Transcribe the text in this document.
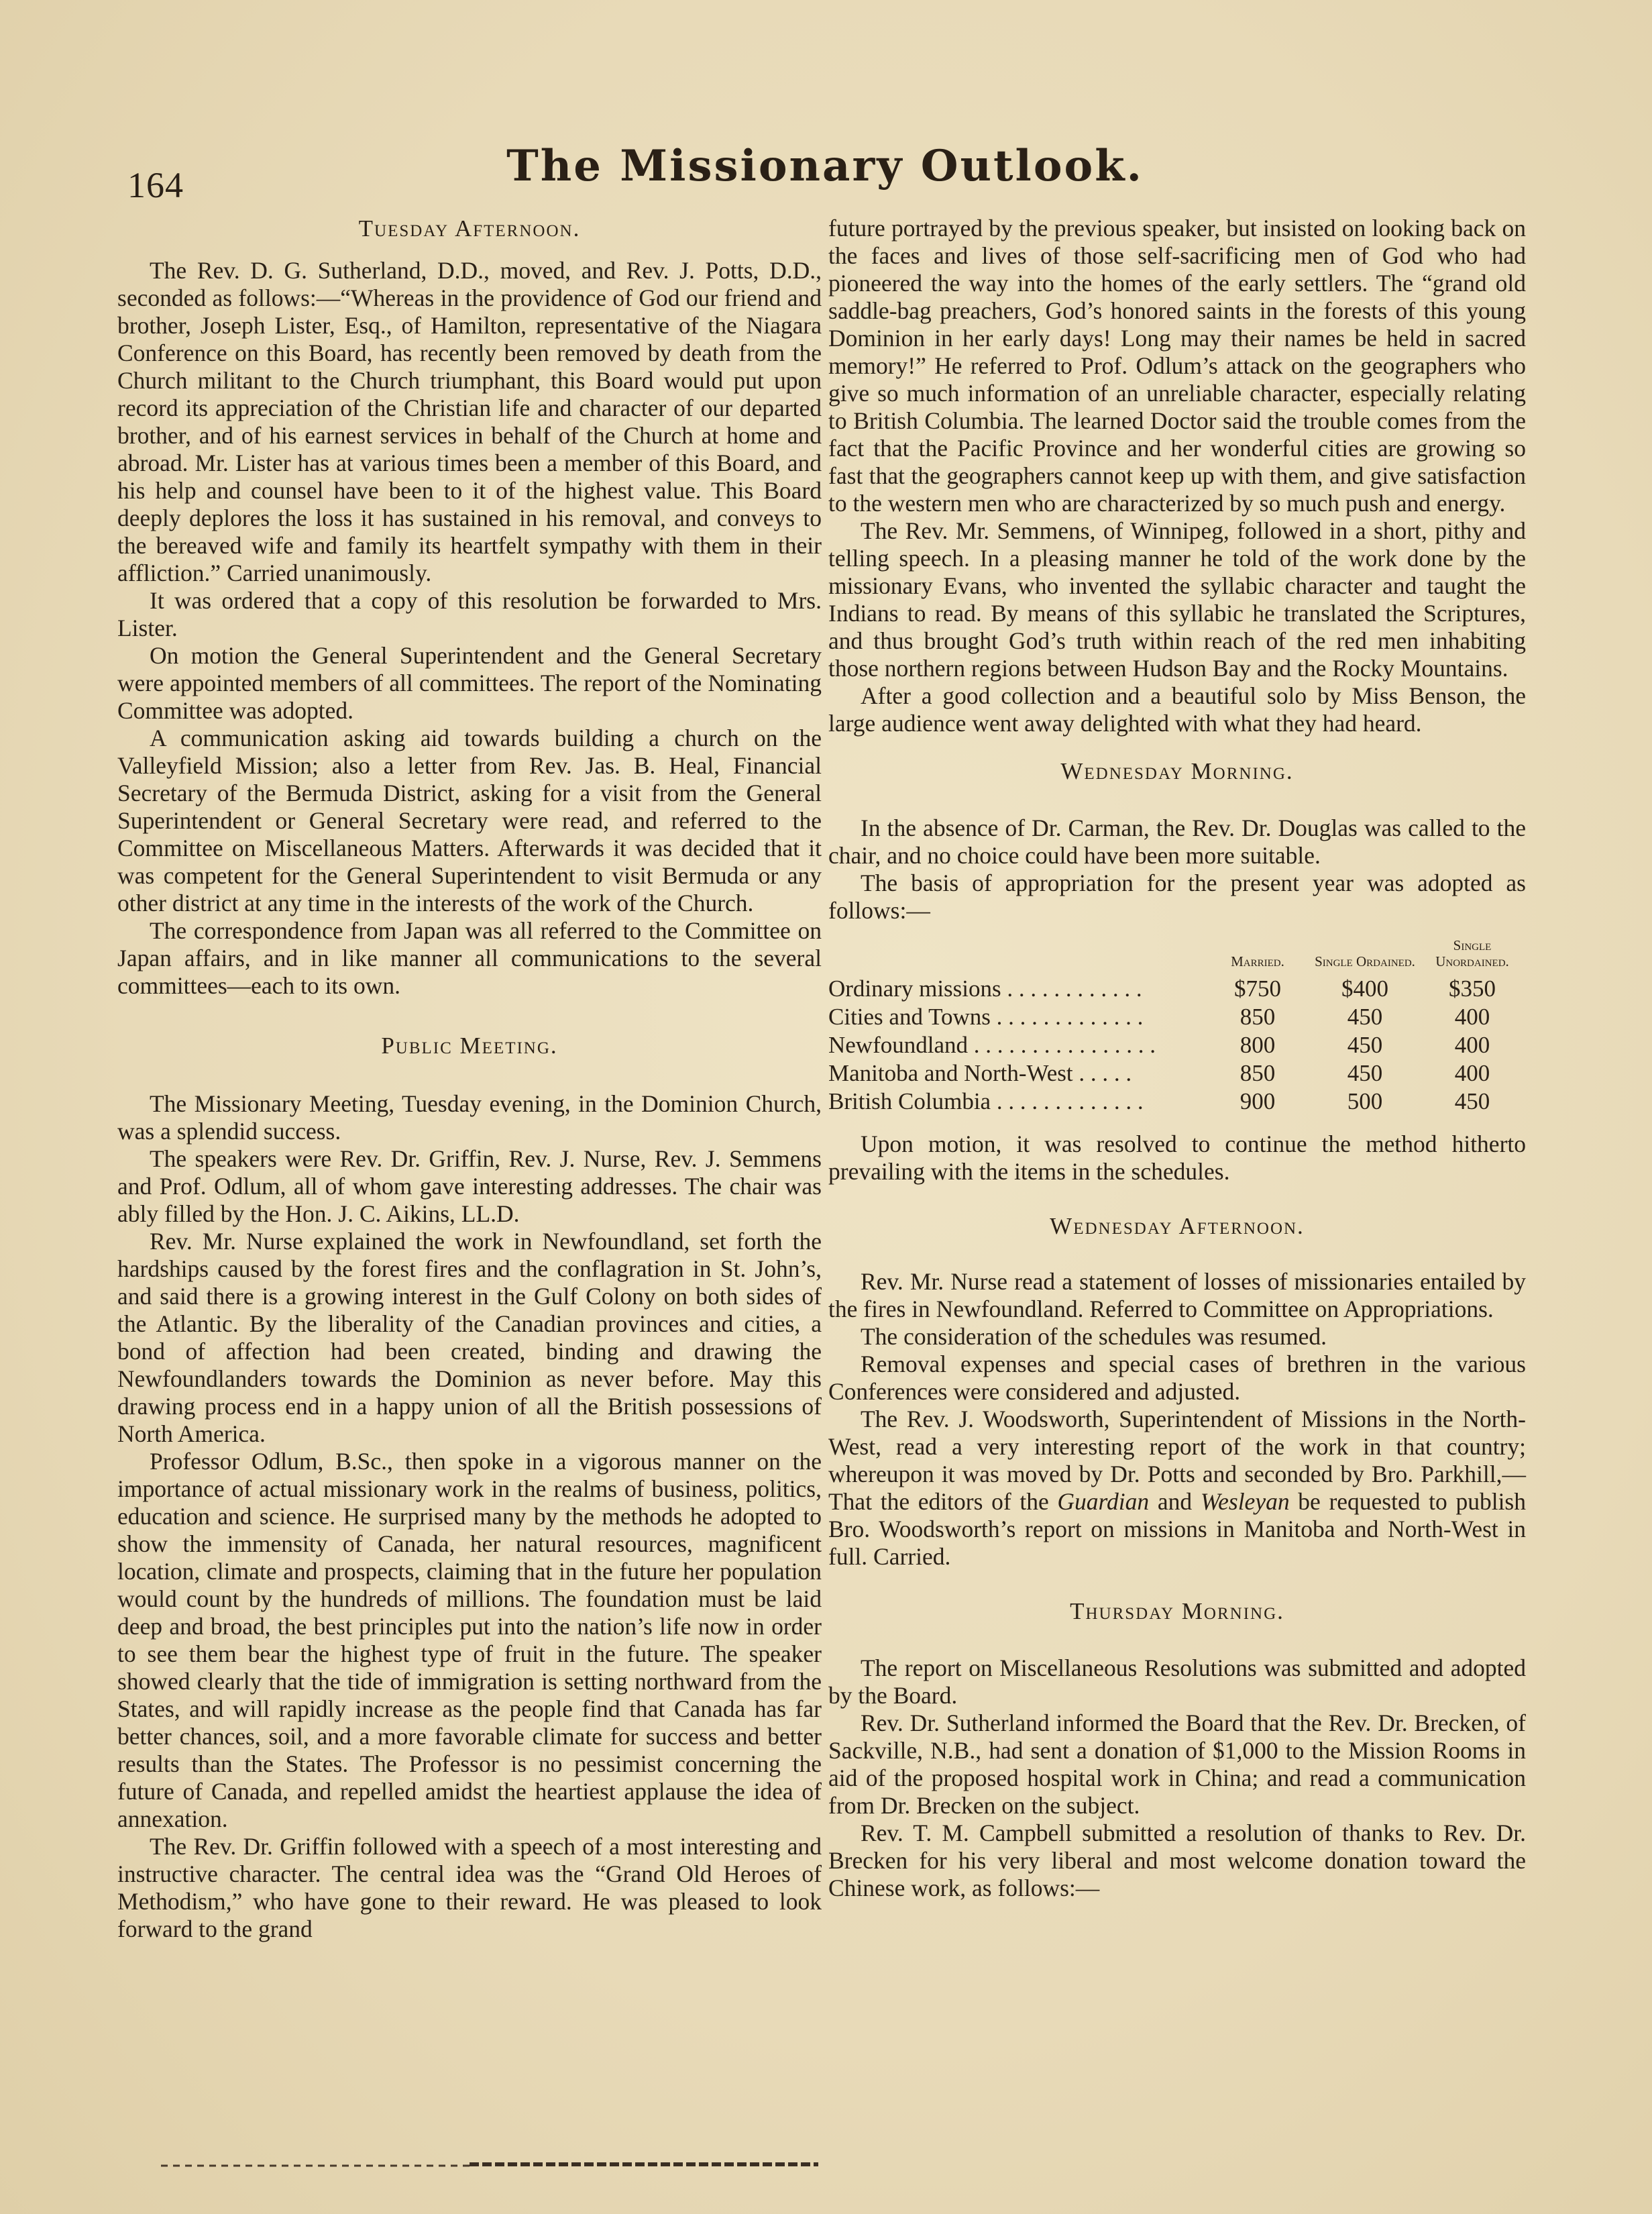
164	The Missionary Outlook.
Tuesday Afternoon.

The Rev. D. G. Sutherland, D.D., moved, and Rev. J. Potts, D.D., seconded as follows:—“Whereas in the providence of God our friend and brother, Joseph Lister, Esq., of Hamilton, representative of the Niagara Conference on this Board, has recently been removed by death from the Church militant to the Church triumphant, this Board would put upon record its appreciation of the Christian life and character of our departed brother, and of his earnest services in behalf of the Church at home and abroad. Mr. Lister has at various times been a member of this Board, and his help and counsel have been to it of the highest value. This Board deeply deplores the loss it has sustained in his removal, and conveys to the bereaved wife and family its heartfelt sympathy with them in their affliction.” Carried unanimously.

It was ordered that a copy of this resolution be forwarded to Mrs. Lister.

On motion the General Superintendent and the General Secretary were appointed members of all committees. The report of the Nominating Committee was adopted.

A communication asking aid towards building a church on the Valleyfield Mission; also a letter from Rev. Jas. B. Heal, Financial Secretary of the Bermuda District, asking for a visit from the General Superintendent or General Secretary were read, and referred to the Committee on Miscellaneous Matters. Afterwards it was decided that it was competent for the General Superintendent to visit Bermuda or any other district at any time in the interests of the work of the Church.

The correspondence from Japan was all referred to the Committee on Japan affairs, and in like manner all communications to the several committees—each to its own.

Public Meeting.

The Missionary Meeting, Tuesday evening, in the Dominion Church, was a splendid success.

The speakers were Rev. Dr. Griffin, Rev. J. Nurse, Rev. J. Semmens and Prof. Odlum, all of whom gave interesting addresses. The chair was ably filled by the Hon. J. C. Aikins, LL.D.

Rev. Mr. Nurse explained the work in Newfoundland, set forth the hardships caused by the forest fires and the conflagration in St. John’s, and said there is a growing interest in the Gulf Colony on both sides of the Atlantic. By the liberality of the Canadian provinces and cities, a bond of affection had been created, binding and drawing the Newfoundlanders towards the Dominion as never before. May this drawing process end in a happy union of all the British possessions of North America.

Professor Odlum, B.Sc., then spoke in a vigorous manner on the importance of actual missionary work in the realms of business, politics, education and science. He surprised many by the methods he adopted to show the immensity of Canada, her natural resources, magnificent location, climate and prospects, claiming that in the future her population would count by the hundreds of millions. The foundation must be laid deep and broad, the best principles put into the nation’s life now in order to see them bear the highest type of fruit in the future. The speaker showed clearly that the tide of immigration is setting northward from the States, and will rapidly increase as the people find that Canada has far better chances, soil, and a more favorable climate for success and better results than the States. The Professor is no pessimist concerning the future of Canada, and repelled amidst the heartiest applause the idea of annexation.

The Rev. Dr. Griffin followed with a speech of a most interesting and instructive character. The central idea was the “Grand Old Heroes of Methodism,” who have gone to their reward. He was pleased to look forward to the grand

future portrayed by the previous speaker, but insisted on looking back on the faces and lives of those self-sacrificing men of God who had pioneered the way into the homes of the early settlers. The “grand old saddle-bag preachers, God’s honored saints in the forests of this young Dominion in her early days! Long may their names be held in sacred memory!” He referred to Prof. Odlum’s attack on the geographers who give so much information of an unreliable character, especially relating to British Columbia. The learned Doctor said the trouble comes from the fact that the Pacific Province and her wonderful cities are growing so fast that the geographers cannot keep up with them, and give satisfaction to the western men who are characterized by so much push and energy.

The Rev. Mr. Semmens, of Winnipeg, followed in a short, pithy and telling speech. In a pleasing manner he told of the work done by the missionary Evans, who invented the syllabic character and taught the Indians to read. By means of this syllabic he translated the Scriptures, and thus brought God’s truth within reach of the red men inhabiting those northern regions between Hudson Bay and the Rocky Mountains.

After a good collection and a beautiful solo by Miss Benson, the large audience went away delighted with what they had heard.

Wednesday Morning.

In the absence of Dr. Carman, the Rev. Dr. Douglas was called to the chair, and no choice could have been more suitable.

The basis of appropriation for the present year was adopted as follows:—

	Married.	Single Ordained.	Single Unordained.
Ordinary missions . . . . . . . . . . . .	$750	$400	$350
Cities and Towns . . . . . . . . . . . . .	850	450	400
Newfoundland . . . . . . . . . . . . . . . .	800	450	400
Manitoba and North-West . . . . .	850	450	400
British Columbia . . . . . . . . . . . . .	900	500	450

Upon motion, it was resolved to continue the method hitherto prevailing with the items in the schedules.

Wednesday Afternoon.

Rev. Mr. Nurse read a statement of losses of missionaries entailed by the fires in Newfoundland. Referred to Committee on Appropriations.

The consideration of the schedules was resumed.

Removal expenses and special cases of brethren in the various Conferences were considered and adjusted.

The Rev. J. Woodsworth, Superintendent of Missions in the North-West, read a very interesting report of the work in that country; whereupon it was moved by Dr. Potts and seconded by Bro. Parkhill,—That the editors of the Guardian and Wesleyan be requested to publish Bro. Woodsworth’s report on missions in Manitoba and North-West in full. Carried.

Thursday Morning.

The report on Miscellaneous Resolutions was submitted and adopted by the Board.

Rev. Dr. Sutherland informed the Board that the Rev. Dr. Brecken, of Sackville, N.B., had sent a donation of $1,000 to the Mission Rooms in aid of the proposed hospital work in China; and read a communication from Dr. Brecken on the subject.

Rev. T. M. Campbell submitted a resolution of thanks to Rev. Dr. Brecken for his very liberal and most welcome donation toward the Chinese work, as follows:—
